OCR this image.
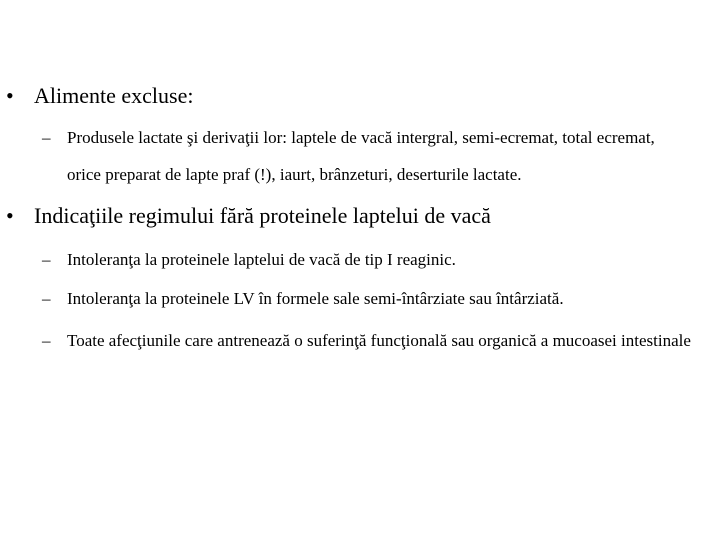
• Alimente excluse:
– Produsele lactate şi derivaţii lor: laptele de vacă intergral, semi-ecremat, total ecremat, orice preparat de lapte praf (!), iaurt, brânzeturi, deserturile lactate.
• Indicaţiile regimului fără proteinele laptelui de vacă
– Intoleranţa la proteinele laptelui de vacă de tip I reaginic.
– Intoleranţa la proteinele LV în formele sale semi-întârziate sau întârziată.
– Toate afecţiunile care antrenează o suferinţă funcţională sau organică a mucoasei intestinale
